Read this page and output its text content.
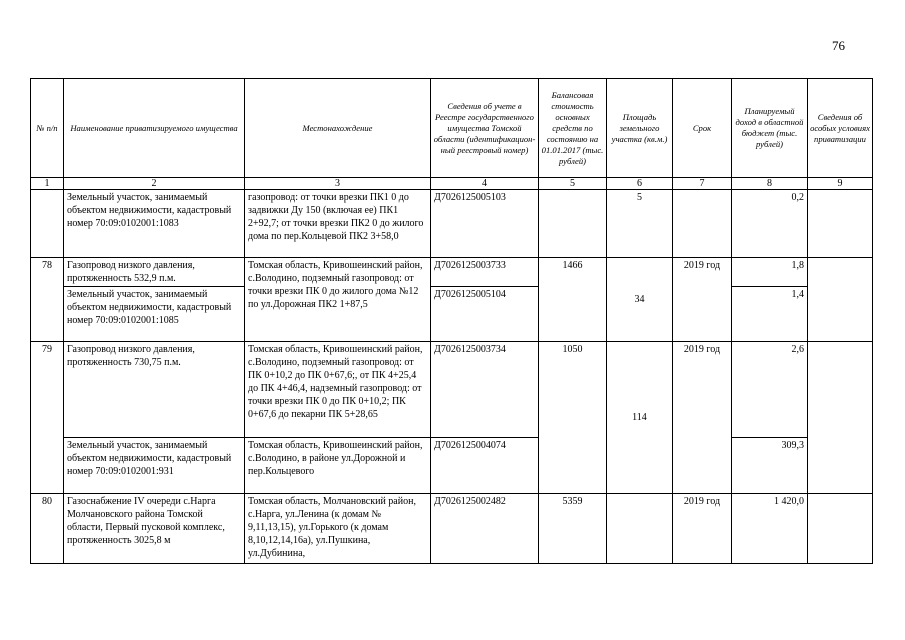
76
№ п/п	Наименование приватизируемого имущества	Местонахождение	Сведения об учете в Реестре государственного имущества Томской области (идентификацион-ный реестровый номер)	Балансовая стоимость основных средств по состоянию на 01.01.2017 (тыс. рублей)	Площадь земельного участка (кв.м.)	Срок	Планируемый доход в областной бюджет (тыс. рублей)	Сведения об особых условиях приватизации
1	2	3	4	5	6	7	8	9
	Земельный участок, занимаемый объектом недвижимости, кадастровый номер 70:09:0102001:1083	газопровод: от точки врезки ПК1 0 до задвижки Ду 150 (включая ее) ПК1 2+92,7; от точки врезки ПК2 0 до жилого дома по пер.Кольцевой ПК2 3+58,0	Д7026125005103		5		0,2	
78	Газопровод низкого давления, протяженность 532,9 п.м.	Томская область, Кривошеинский район, с.Володино, подземный газопровод: от точки врезки ПК 0 до жилого дома №12 по ул.Дорожная ПК2 1+87,5	Д7026125003733	1466	34	2019 год	1,8	
	Земельный участок, занимаемый объектом недвижимости, кадастровый номер 70:09:0102001:1085		Д7026125005104				1,4	
79	Газопровод низкого давления, протяженность 730,75 п.м.	Томская область, Кривошеинский район, с.Володино, подземный газопровод: от ПК 0+10,2 до ПК 0+67,6;, от ПК 4+25,4 до ПК 4+46,4, надземный газопровод: от точки врезки ПК 0 до ПК 0+10,2; ПК 0+67,6 до пекарни ПК 5+28,65	Д7026125003734	1050	114	2019 год	2,6	
	Земельный участок, занимаемый объектом недвижимости, кадастровый номер 70:09:0102001:931	Томская область, Кривошеинский район, с.Володино, в районе ул.Дорожной и пер.Кольцевого	Д7026125004074				309,3	
80	Газоснабжение IV очереди с.Нарга Молчановского района Томской области, Первый пусковой комплекс, протяженность 3025,8 м	Томская область, Молчановский район, с.Нарга, ул.Ленина (к домам № 9,11,13,15), ул.Горького (к домам 8,10,12,14,16а), ул.Пушкина, ул.Дубинина,	Д7026125002482	5359		2019 год	1 420,0	
